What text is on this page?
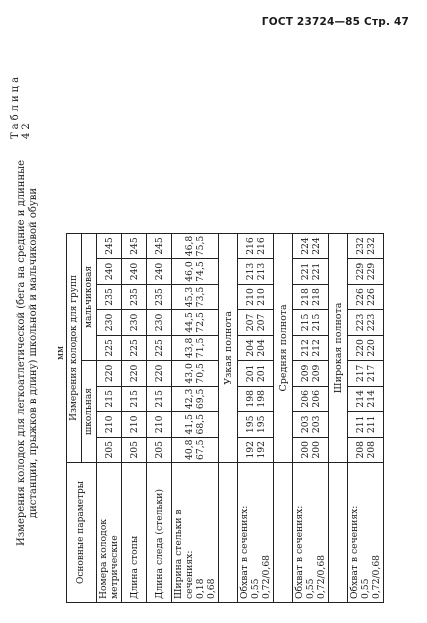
ГОСТ 23724—85 Стр. 47
Таблица 42
Измерения колодок для легкоатлетической (бега на средние и длинные дистанции, прыжков в длину) школьной и мальчиковой обуви мм
Основные параметры	Измерения колодок для групп								
	школьная				мальчиковая				

Номера колодок метрические	205	210	215	220	225	230	235	240	245

Длина стопы	205	210	215	220	225	230	235	240	245

Длина следа (стельки)	205	210	215	220	225	230	235	240	245

Ширина стельки в сечениях: 0,18 0,68	40,8 67,5	41,5 68,5	42,3 69,5	43,0 70,5	43,8 71,5	44,5 72,5	45,3 73,5	46,0 74,5	46,8 75,5

	Узкая полнота								

Обхват в сечениях: 0,55 0,72/0,68	192 192	195 195	198 198	201 201	204 204	207 207	210 210	213 213	216 216

	Средняя полнота								

Обхват в сечениях: 0,55 0,72/0,68	200 200	203 203	206 206	209 209	212 212	215 215	218 218	221 221	224 224

	Широкая полнота								

Обхват в сечениях: 0,55 0,72/0,68	208 208	211 211	214 214	217 217	220 220	223 223	226 226	229 229	232 232
